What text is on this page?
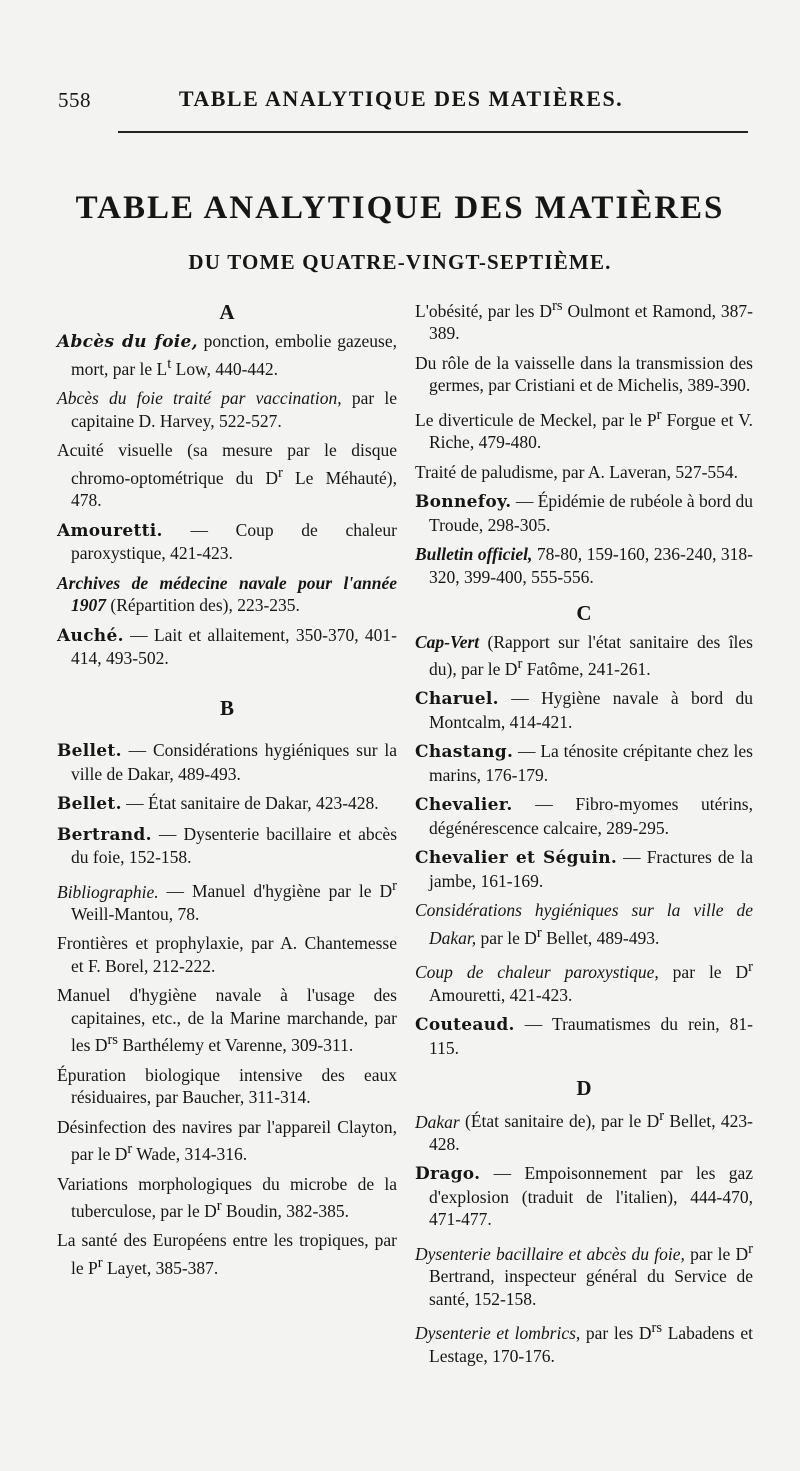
558	TABLE ANALYTIQUE DES MATIÈRES.
TABLE ANALYTIQUE DES MATIÈRES
DU TOME QUATRE-VINGT-SEPTIÈME.
A

Abcès du foie, ponction, embolie gazeuse, mort, par le $L^t$ Low, 440-442.

Abcès du foie traité par vaccination, par le capitaine D. Harvey, 522-527.

Acuité visuelle (sa mesure par le disque chromo-optométrique du $D^r$ Le Méhauté), 478.

Amouretti. — Coup de chaleur paroxystique, 421-423.

Archives de médecine navale pour l'année 1907 (Répartition des), 223-235.

Auché. — Lait et allaitement, 350-370, 401-414, 493-502.

B

Bellet. — Considérations hygiéniques sur la ville de Dakar, 489-493.

Bellet. — État sanitaire de Dakar, 423-428.

Bertrand. — Dysenterie bacillaire et abcès du foie, 152-158.

Bibliographie. — Manuel d'hygiène par le $D^r$ Weill-Mantou, 78.

Frontières et prophylaxie, par A. Chantemesse et F. Borel, 212-222.

Manuel d'hygiène navale à l'usage des capitaines, etc., de la Marine marchande, par les $D^{rs}$ Barthélemy et Varenne, 309-311.

Épuration biologique intensive des eaux résiduaires, par Baucher, 311-314.

Désinfection des navires par l'appareil Clayton, par le $D^r$ Wade, 314-316.

Variations morphologiques du microbe de la tuberculose, par le $D^r$ Boudin, 382-385.

La santé des Européens entre les tropiques, par le $P^r$ Layet, 385-387.

L'obésité, par les $D^{rs}$ Oulmont et Ramond, 387-389.

Du rôle de la vaisselle dans la transmission des germes, par Cristiani et de Michelis, 389-390.

Le diverticule de Meckel, par le $P^r$ Forgue et V. Riche, 479-480.

Traité de paludisme, par A. Laveran, 527-554.

Bonnefoy. — Épidémie de rubéole à bord du Troude, 298-305.

Bulletin officiel, 78-80, 159-160, 236-240, 318-320, 399-400, 555-556.

C

Cap-Vert (Rapport sur l'état sanitaire des îles du), par le $D^r$ Fatôme, 241-261.

Charuel. — Hygiène navale à bord du Montcalm, 414-421.

Chastang. — La ténosite crépitante chez les marins, 176-179.

Chevalier. — Fibro-myomes utérins, dégénérescence calcaire, 289-295.

Chevalier et Séguin. — Fractures de la jambe, 161-169.

Considérations hygiéniques sur la ville de Dakar, par le $D^r$ Bellet, 489-493.

Coup de chaleur paroxystique, par le $D^r$ Amouretti, 421-423.

Couteaud. — Traumatismes du rein, 81-115.

D

Dakar (État sanitaire de), par le $D^r$ Bellet, 423-428.

Drago. — Empoisonnement par les gaz d'explosion (traduit de l'italien), 444-470, 471-477.

Dysenterie bacillaire et abcès du foie, par le $D^r$ Bertrand, inspecteur général du Service de santé, 152-158.

Dysenterie et lombrics, par les $D^{rs}$ Labadens et Lestage, 170-176.
